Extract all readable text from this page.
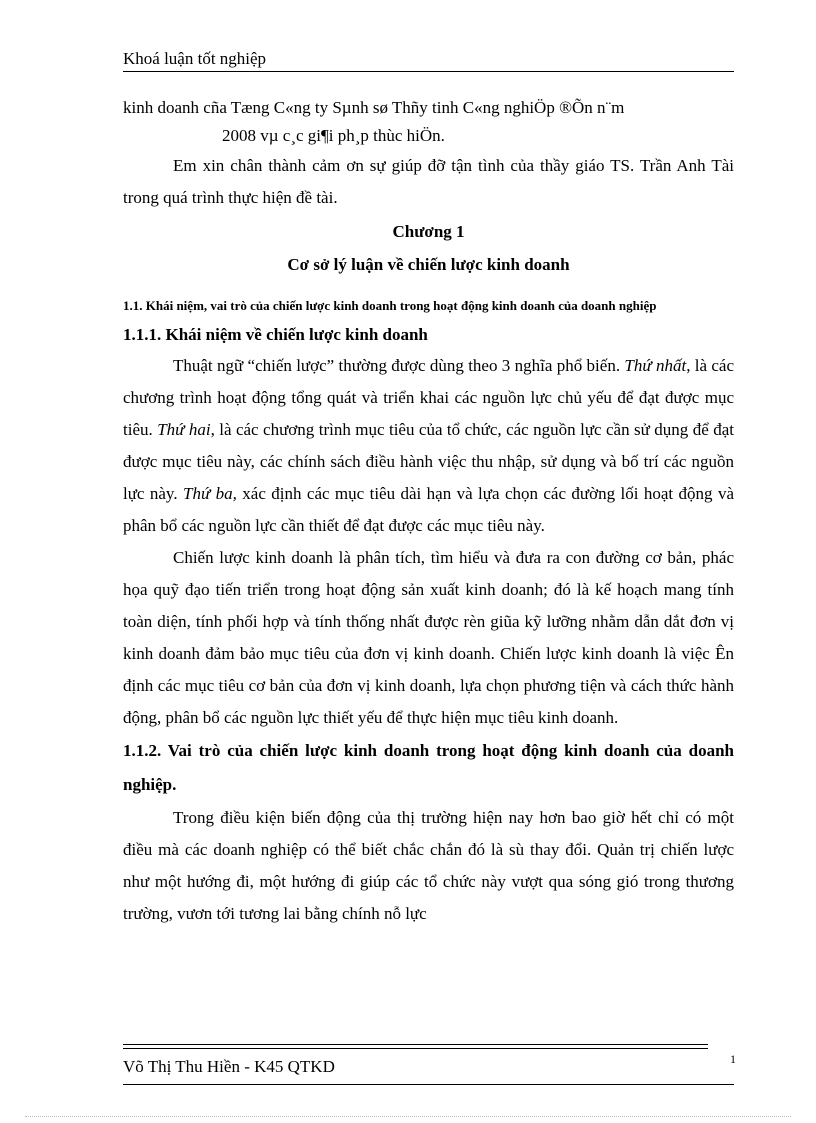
Khoá luận tốt nghiệp

kinh doanh cña Tæng C«ng ty Sµnh sø Thñy tinh C«ng nghiÖp ®Õn n¨m

2008 vµ c¸c gi¶i ph¸p thùc hiÖn.

Em xin chân thành cảm ơn sự giúp đỡ tận tình của thầy giáo TS. Trần Anh Tài trong quá trình thực hiện đề tài.

Chương 1

Cơ sở lý luận về chiến lược kinh doanh

1.1. Khái niệm, vai trò của chiến lược kinh doanh trong hoạt động kinh doanh của doanh nghiệp

1.1.1. Khái niệm về chiến lược kinh doanh

Thuật ngữ “chiến lược” thường được dùng theo 3 nghĩa phổ biến. Thứ nhất, là các chương trình hoạt động tổng quát và triển khai các nguồn lực chủ yếu để đạt được mục tiêu. Thứ hai, là các chương trình mục tiêu của tổ chức, các nguồn lực cần sử dụng để đạt được mục tiêu này, các chính sách điều hành việc thu nhập, sử dụng và bố trí các nguồn lực này. Thứ ba, xác định các mục tiêu dài hạn và lựa chọn các đường lối hoạt động và phân bổ các nguồn lực cần thiết để đạt được các mục tiêu này.

Chiến lược kinh doanh là phân tích, tìm hiểu và đưa ra con đường cơ bản, phác họa quỹ đạo tiến triển trong hoạt động sản xuất kinh doanh; đó là kế hoạch mang tính toàn diện, tính phối hợp và tính thống nhất được rèn giũa kỹ lưỡng nhằm dẫn dắt đơn vị kinh doanh đảm bảo mục tiêu của đơn vị kinh doanh. Chiến lược kinh doanh là việc Ên định các mục tiêu cơ bản của đơn vị kinh doanh, lựa chọn phương tiện và cách thức hành động, phân bổ các nguồn lực thiết yếu để thực hiện mục tiêu kinh doanh.

1.1.2. Vai trò của chiến lược kinh doanh trong hoạt động kinh doanh của doanh nghiệp.

Trong điều kiện biến động của thị trường hiện nay hơn bao giờ hết chỉ có một điều mà các doanh nghiệp có thể biết chắc chắn đó là sù thay đổi. Quản trị chiến lược như một hướng đi, một hướng đi giúp các tổ chức này vượt qua sóng gió trong thương trường, vươn tới tương lai bằng chính nỗ lực

Võ Thị Thu Hiền - K45 QTKD	1
